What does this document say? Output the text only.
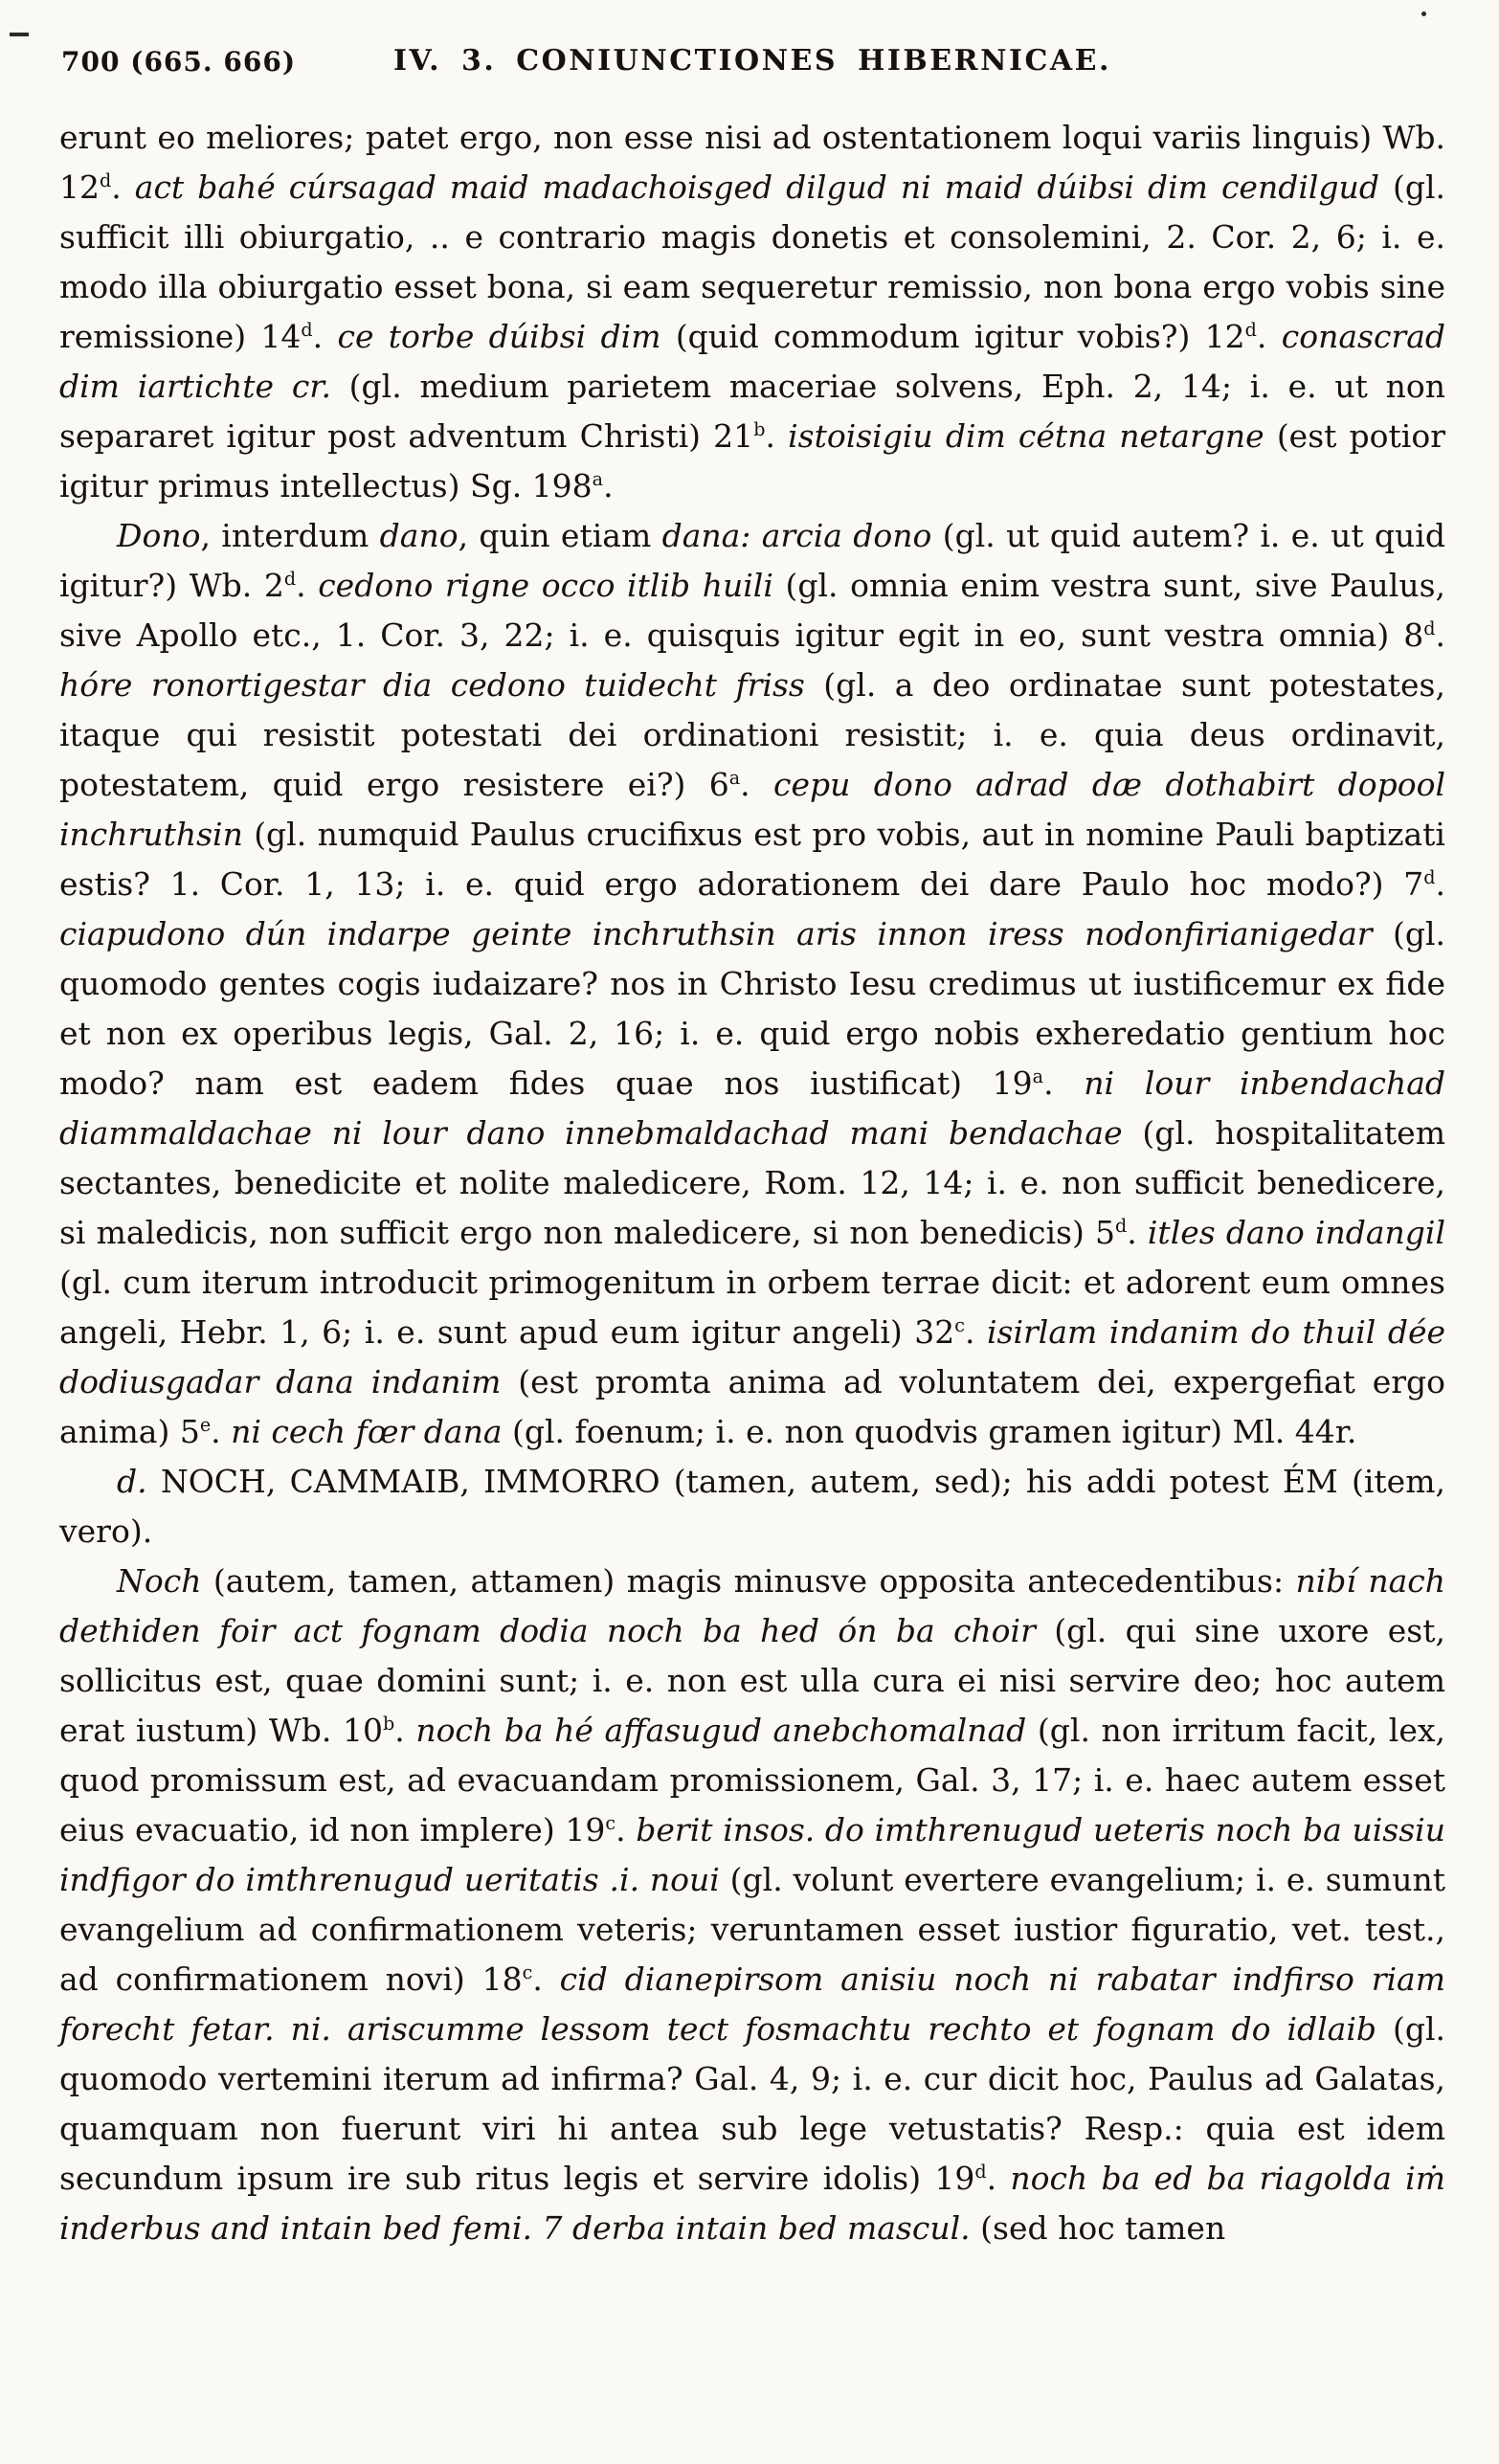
700 (665. 666)	IV. 3. CONIUNCTIONES HIBERNICAE.

erunt eo meliores; patet ergo, non esse nisi ad ostentationem loqui variis linguis) Wb. 12$^d$. act bahé cúrsagad maid madachoisged dilgud ni maid dúibsi dim cendilgud (gl. sufficit illi obiurgatio, .. e contrario magis donetis et consolemini, 2. Cor. 2, 6; i. e. modo illa obiurgatio esset bona, si eam sequeretur remissio, non bona ergo vobis sine remissione) 14$^d$. ce torbe dúibsi dim (quid commodum igitur vobis?) 12$^d$. conascrad dim iartichte cr. (gl. medium parietem maceriae solvens, Eph. 2, 14; i. e. ut non separaret igitur post adventum Christi) 21$^b$. istoisigiu dim cétna netargne (est potior igitur primus intellectus) Sg. 198$^a$.

Dono, interdum dano, quin etiam dana: arcia dono (gl. ut quid autem? i. e. ut quid igitur?) Wb. 2$^d$. cedono rigne occo itlib huili (gl. omnia enim vestra sunt, sive Paulus, sive Apollo etc., 1. Cor. 3, 22; i. e. quisquis igitur egit in eo, sunt vestra omnia) 8$^d$. hóre ronortigestar dia cedono tuidecht friss (gl. a deo ordinatae sunt potestates, itaque qui resistit potestati dei ordinationi resistit; i. e. quia deus ordinavit, potestatem, quid ergo resistere ei?) 6$^a$. cepu dono adrad dæ dothabirt dopool inchruthsin (gl. numquid Paulus crucifixus est pro vobis, aut in nomine Pauli baptizati estis? 1. Cor. 1, 13; i. e. quid ergo adorationem dei dare Paulo hoc modo?) 7$^d$. ciapudono dún indarpe geinte inchruthsin aris innon iress nodonfirianigedar (gl. quomodo gentes cogis iudaizare? nos in Christo Iesu credimus ut iustificemur ex fide et non ex operibus legis, Gal. 2, 16; i. e. quid ergo nobis exheredatio gentium hoc modo? nam est eadem fides quae nos iustificat) 19$^a$. ni lour inbendachad diammaldachae ni lour dano innebmaldachad mani bendachae (gl. hospitalitatem sectantes, benedicite et nolite maledicere, Rom. 12, 14; i. e. non sufficit benedicere, si maledicis, non sufficit ergo non maledicere, si non benedicis) 5$^d$. itles dano indangil (gl. cum iterum introducit primogenitum in orbem terrae dicit: et adorent eum omnes angeli, Hebr. 1, 6; i. e. sunt apud eum igitur angeli) 32$^c$. isirlam indanim do thuil dée dodiusgadar dana indanim (est promta anima ad voluntatem dei, expergefiat ergo anima) 5e. ni cech fœr dana (gl. foenum; i. e. non quodvis gramen igitur) Ml. 44r.

d. NOCH, CAMMAIB, IMMORRO (tamen, autem, sed); his addi potest ÉM (item, vero).

Noch (autem, tamen, attamen) magis minusve opposita antecedentibus: nibí nach dethiden foir act fognam dodia noch ba hed ón ba choir (gl. qui sine uxore est, sollicitus est, quae domini sunt; i. e. non est ulla cura ei nisi servire deo; hoc autem erat iustum) Wb. 10$^b$. noch ba hé affasugud anebchomalnad (gl. non irritum facit, lex, quod promissum est, ad evacuandam promissionem, Gal. 3, 17; i. e. haec autem esset eius evacuatio, id non implere) 19$^c$. berit insos. do imthrenugud ueteris noch ba uissiu indfigor do imthrenugud ueritatis .i. noui (gl. volunt evertere evangelium; i. e. sumunt evangelium ad confirmationem veteris; veruntamen esset iustior figuratio, vet. test., ad confirmationem novi) 18$^c$. cid dianepirsom anisiu noch ni rabatar indfirso riam forecht fetar. ni. ariscumme lessom tect fosmachtu rechto et fognam do idlaib (gl. quomodo vertemini iterum ad infirma? Gal. 4, 9; i. e. cur dicit hoc, Paulus ad Galatas, quamquam non fuerunt viri hi antea sub lege vetustatis? Resp.: quia est idem secundum ipsum ire sub ritus legis et servire idolis) 19$^d$. noch ba ed ba riagolda iṁ inderbus and intain bed femi. 7 derba intain bed mascul. (sed hoc tamen
